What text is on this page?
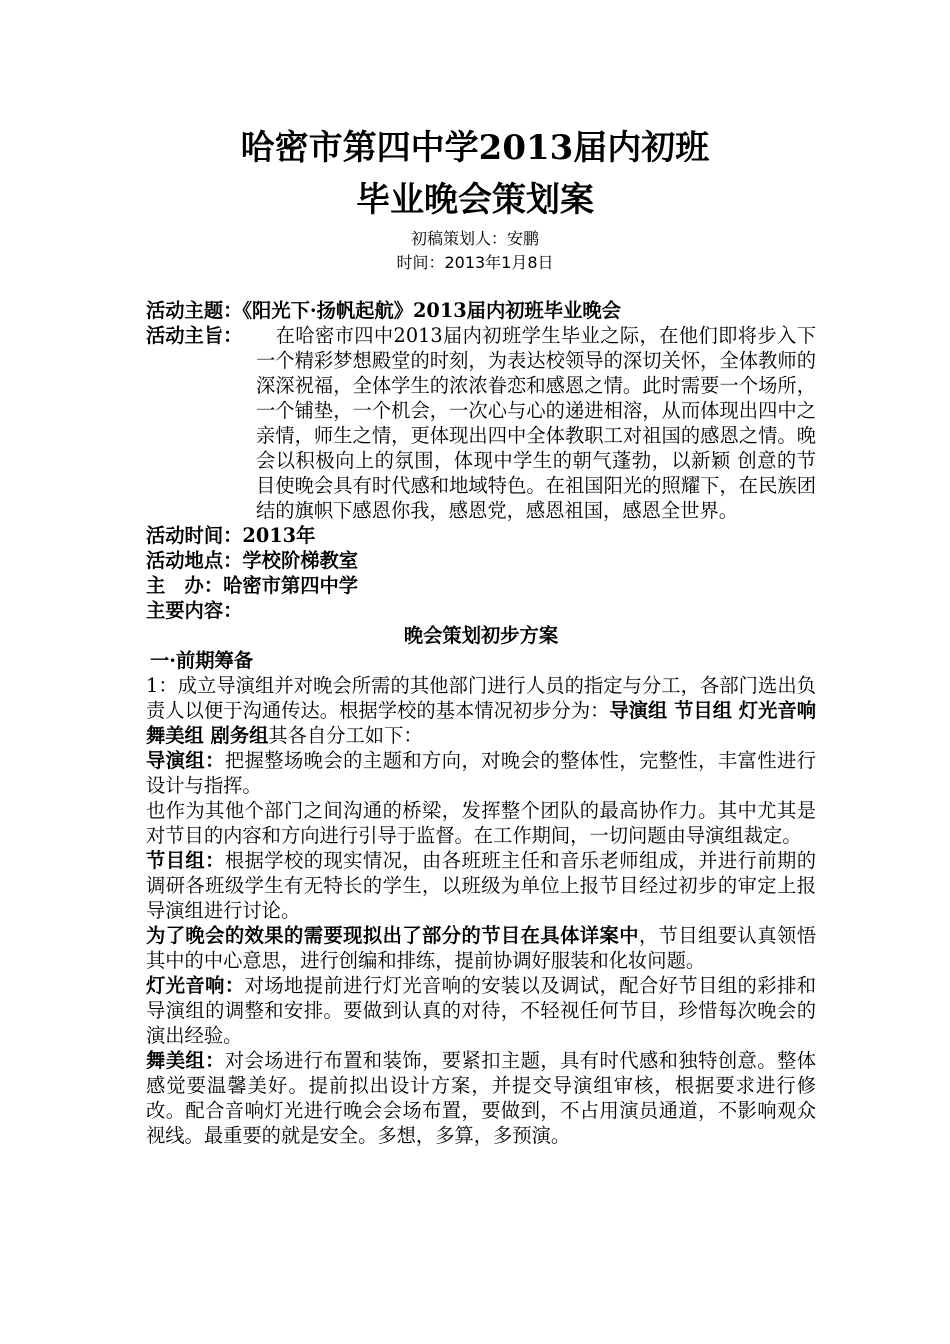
哈密市第四中学2013届内初班
毕业晚会策划案
初稿策划人：安鹏
时间：2013年1月8日
活动主题：《阳光下·扬帆起航》2013届内初班毕业晚会
活动主旨：
 	在哈密市四中2013届内初班学生毕业之际，在他们即将步入下一个精彩梦想殿堂的时刻，为表达校领导的深切关怀，全体教师的深深祝福，全体学生的浓浓眷恋和感恩之情。此时需要一个场所，一个铺垫，一个机会，一次心与心的递进相溶，从而体现出四中之亲情，师生之情，更体现出四中全体教职工对祖国的感恩之情。晚会以积极向上的氛围，体现中学生的朝气蓬勃，以新颖 创意的节目使晚会具有时代感和地域特色。在祖国阳光的照耀下，在民族团结的旗帜下感恩你我，感恩党，感恩祖国，感恩全世界。
活动时间：2013年
活动地点：学校阶梯教室
主　办：哈密市第四中学
主要内容：
晚会策划初步方案
一·前期筹备
1：成立导演组并对晚会所需的其他部门进行人员的指定与分工，各部门选出负责人以便于沟通传达。根据学校的基本情况初步分为：导演组 节目组 灯光音响 舞美组 剧务组其各自分工如下：
导演组：把握整场晚会的主题和方向，对晚会的整体性，完整性，丰富性进行设计与指挥。
也作为其他个部门之间沟通的桥梁，发挥整个团队的最高协作力。其中尤其是对节目的内容和方向进行引导于监督。在工作期间，一切问题由导演组裁定。
节目组：根据学校的现实情况，由各班班主任和音乐老师组成，并进行前期的调研各班级学生有无特长的学生，以班级为单位上报节目经过初步的审定上报导演组进行讨论。
为了晚会的效果的需要现拟出了部分的节目在具体详案中，节目组要认真领悟其中的中心意思，进行创编和排练，提前协调好服装和化妆问题。
灯光音响：对场地提前进行灯光音响的安装以及调试，配合好节目组的彩排和导演组的调整和安排。要做到认真的对待，不轻视任何节目，珍惜每次晚会的演出经验。
舞美组：对会场进行布置和装饰，要紧扣主题，具有时代感和独特创意。整体感觉要温馨美好。提前拟出设计方案，并提交导演组审核，根据要求进行修改。配合音响灯光进行晚会会场布置，要做到，不占用演员通道，不影响观众视线。最重要的就是安全。多想，多算，多预演。
